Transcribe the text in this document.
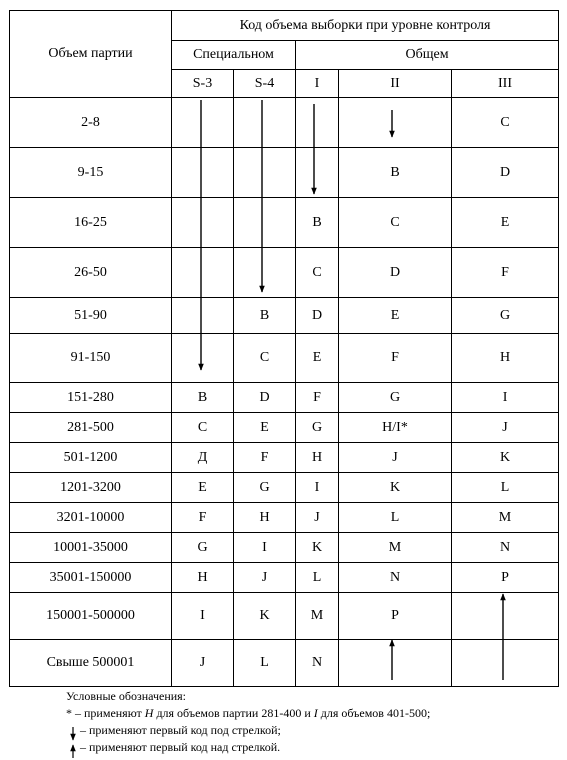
Объем партии	Код объема выборки при уровне контроля				
	Специальном		Общем		
	S-3	S-4	I	II	III
2-8					C
9-15				B	D
16-25			B	C	E
26-50			C	D	F
51-90		B	D	E	G
91-150		C	E	F	H
151-280	B	D	F	G	I
281-500	C	E	G	H/I*	J
501-1200	Д	F	H	J	K
1201-3200	E	G	I	K	L
3201-10000	F	H	J	L	M
10001-35000	G	I	K	M	N
35001-150000	H	J	L	N	P
150001-500000	I	K	M	P	
Свыше 500001	J	L	N		
Условные обозначения:
* – применяют H для объемов партии 281-400 и I для объемов 401-500;
– применяют первый код под стрелкой;
– применяют первый код над стрелкой.
